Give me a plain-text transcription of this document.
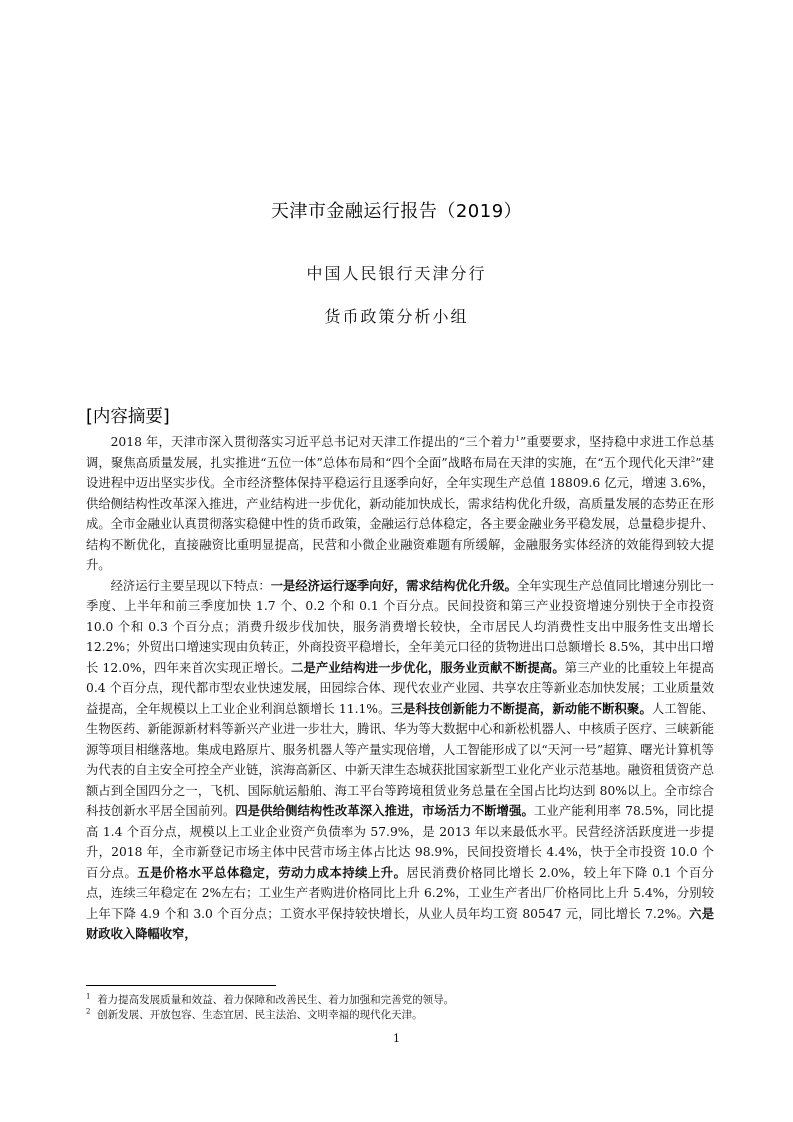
天津市金融运行报告（2019）
中国人民银行天津分行
货币政策分析小组
[内容摘要]

2018 年，天津市深入贯彻落实习近平总书记对天津工作提出的“三个着力$^1$”重要要求，坚持稳中求进工作总基调，聚焦高质量发展，扎实推进“五位一体”总体布局和“四个全面”战略布局在天津的实施，在“五个现代化天津$^2$”建设进程中迈出坚实步伐。全市经济整体保持平稳运行且逐季向好，全年实现生产总值 18809.6 亿元，增速 3.6%，供给侧结构性改革深入推进，产业结构进一步优化，新动能加快成长，需求结构优化升级，高质量发展的态势正在形成。全市金融业认真贯彻落实稳健中性的货币政策，金融运行总体稳定，各主要金融业务平稳发展，总量稳步提升、结构不断优化，直接融资比重明显提高，民营和小微企业融资难题有所缓解，金融服务实体经济的效能得到较大提升。

经济运行主要呈现以下特点：一是经济运行逐季向好，需求结构优化升级。全年实现生产总值同比增速分别比一季度、上半年和前三季度加快 1.7 个、0.2 个和 0.1 个百分点。民间投资和第三产业投资增速分别快于全市投资 10.0 个和 0.3 个百分点；消费升级步伐加快，服务消费增长较快，全市居民人均消费性支出中服务性支出增长 12.2%；外贸出口增速实现由负转正，外商投资平稳增长，全年美元口径的货物进出口总额增长 8.5%，其中出口增长 12.0%，四年来首次实现正增长。二是产业结构进一步优化，服务业贡献不断提高。第三产业的比重较上年提高 0.4 个百分点，现代都市型农业快速发展，田园综合体、现代农业产业园、共享农庄等新业态加快发展；工业质量效益提高，全年规模以上工业企业利润总额增长 11.1%。三是科技创新能力不断提高，新动能不断积聚。人工智能、生物医药、新能源新材料等新兴产业进一步壮大，腾讯、华为等大数据中心和新松机器人、中核质子医疗、三峡新能源等项目相继落地。集成电路原片、服务机器人等产量实现倍增，人工智能形成了以“天河一号”超算、曙光计算机等为代表的自主安全可控全产业链，滨海高新区、中新天津生态城获批国家新型工业化产业示范基地。融资租赁资产总额占到全国四分之一，飞机、国际航运船舶、海工平台等跨境租赁业务总量在全国占比均达到 80%以上。全市综合科技创新水平居全国前列。四是供给侧结构性改革深入推进，市场活力不断增强。工业产能利用率 78.5%，同比提高 1.4 个百分点，规模以上工业企业资产负债率为 57.9%，是 2013 年以来最低水平。民营经济活跃度进一步提升，2018 年，全市新登记市场主体中民营市场主体占比达 98.9%，民间投资增长 4.4%，快于全市投资 10.0 个百分点。五是价格水平总体稳定，劳动力成本持续上升。居民消费价格同比增长 2.0%，较上年下降 0.1 个百分点，连续三年稳定在 2%左右；工业生产者购进价格同比上升 6.2%，工业生产者出厂价格同比上升 5.4%，分别较上年下降 4.9 个和 3.0 个百分点；工资水平保持较快增长，从业人员年均工资 80547 元，同比增长 7.2%。六是财政收入降幅收窄，

$^1$ 着力提高发展质量和效益、着力保障和改善民生、着力加强和完善党的领导。
$^2$ 创新发展、开放包容、生态宜居、民主法治、文明幸福的现代化天津。
1
